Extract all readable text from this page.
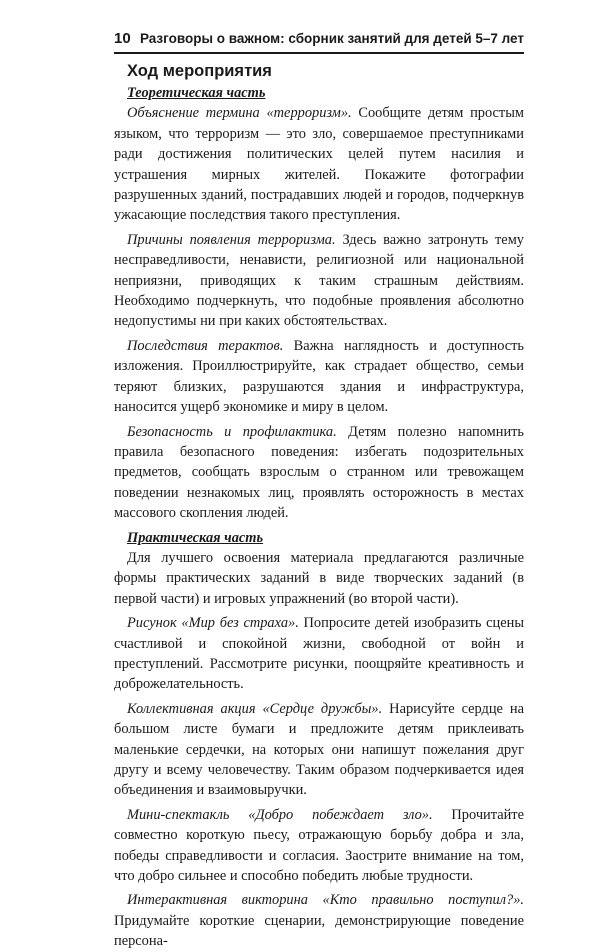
10 Разговоры о важном: сборник занятий для детей 5–7 лет
Ход мероприятия

Теоретическая часть

Объяснение термина «терроризм». Сообщите детям простым языком, что терроризм — это зло, совершаемое преступниками ради достижения политических целей путем насилия и устрашения мирных жителей. Покажите фотографии разрушенных зданий, пострадавших людей и городов, подчеркнув ужасающие последствия такого преступления.

Причины появления терроризма. Здесь важно затронуть тему несправедливости, ненависти, религиозной или национальной неприязни, приводящих к таким страшным действиям. Необходимо подчеркнуть, что подобные проявления абсолютно недопустимы ни при каких обстоятельствах.

Последствия терактов. Важна наглядность и доступность изложения. Проиллюстрируйте, как страдает общество, семьи теряют близких, разрушаются здания и инфраструктура, наносится ущерб экономике и миру в целом.

Безопасность и профилактика. Детям полезно напомнить правила безопасного поведения: избегать подозрительных предметов, сообщать взрослым о странном или тревожащем поведении незнакомых лиц, проявлять осторожность в местах массового скопления людей.

Практическая часть

Для лучшего освоения материала предлагаются различные формы практических заданий в виде творческих заданий (в первой части) и игровых упражнений (во второй части).

Рисунок «Мир без страха». Попросите детей изобразить сцены счастливой и спокойной жизни, свободной от войн и преступлений. Рассмотрите рисунки, поощряйте креативность и доброжелательность.

Коллективная акция «Сердце дружбы». Нарисуйте сердце на большом листе бумаги и предложите детям приклеивать маленькие сердечки, на которых они напишут пожелания друг другу и всему человечеству. Таким образом подчеркивается идея объединения и взаимовыручки.

Мини-спектакль «Добро побеждает зло». Прочитайте совместно короткую пьесу, отражающую борьбу добра и зла, победы справедливости и согласия. Заострите внимание на том, что добро сильнее и способно победить любые трудности.

Интерактивная викторина «Кто правильно поступил?». Придумайте короткие сценарии, демонстрирующие поведение персона-
